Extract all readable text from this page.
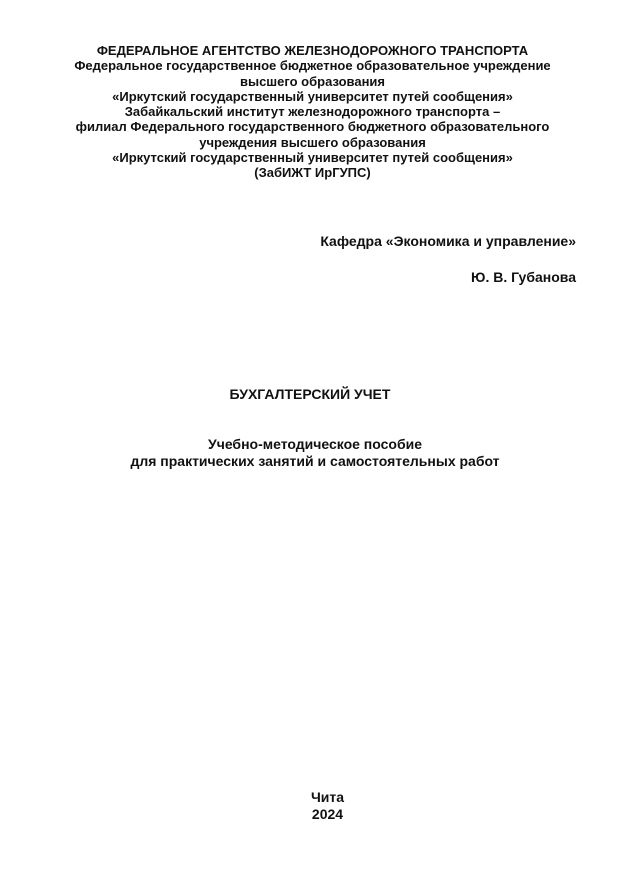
ФЕДЕРАЛЬНОЕ АГЕНТСТВО ЖЕЛЕЗНОДОРОЖНОГО ТРАНСПОРТА
Федеральное государственное бюджетное образовательное учреждение
высшего образования
«Иркутский государственный университет путей сообщения»
Забайкальский институт железнодорожного транспорта –
филиал Федерального государственного бюджетного образовательного
учреждения высшего образования
«Иркутский государственный университет путей сообщения»
(ЗабИЖТ ИрГУПС)
Кафедра «Экономика и управление»
Ю. В. Губанова
БУХГАЛТЕРСКИЙ УЧЕТ
Учебно-методическое пособие
для практических занятий и самостоятельных работ
Чита
2024
